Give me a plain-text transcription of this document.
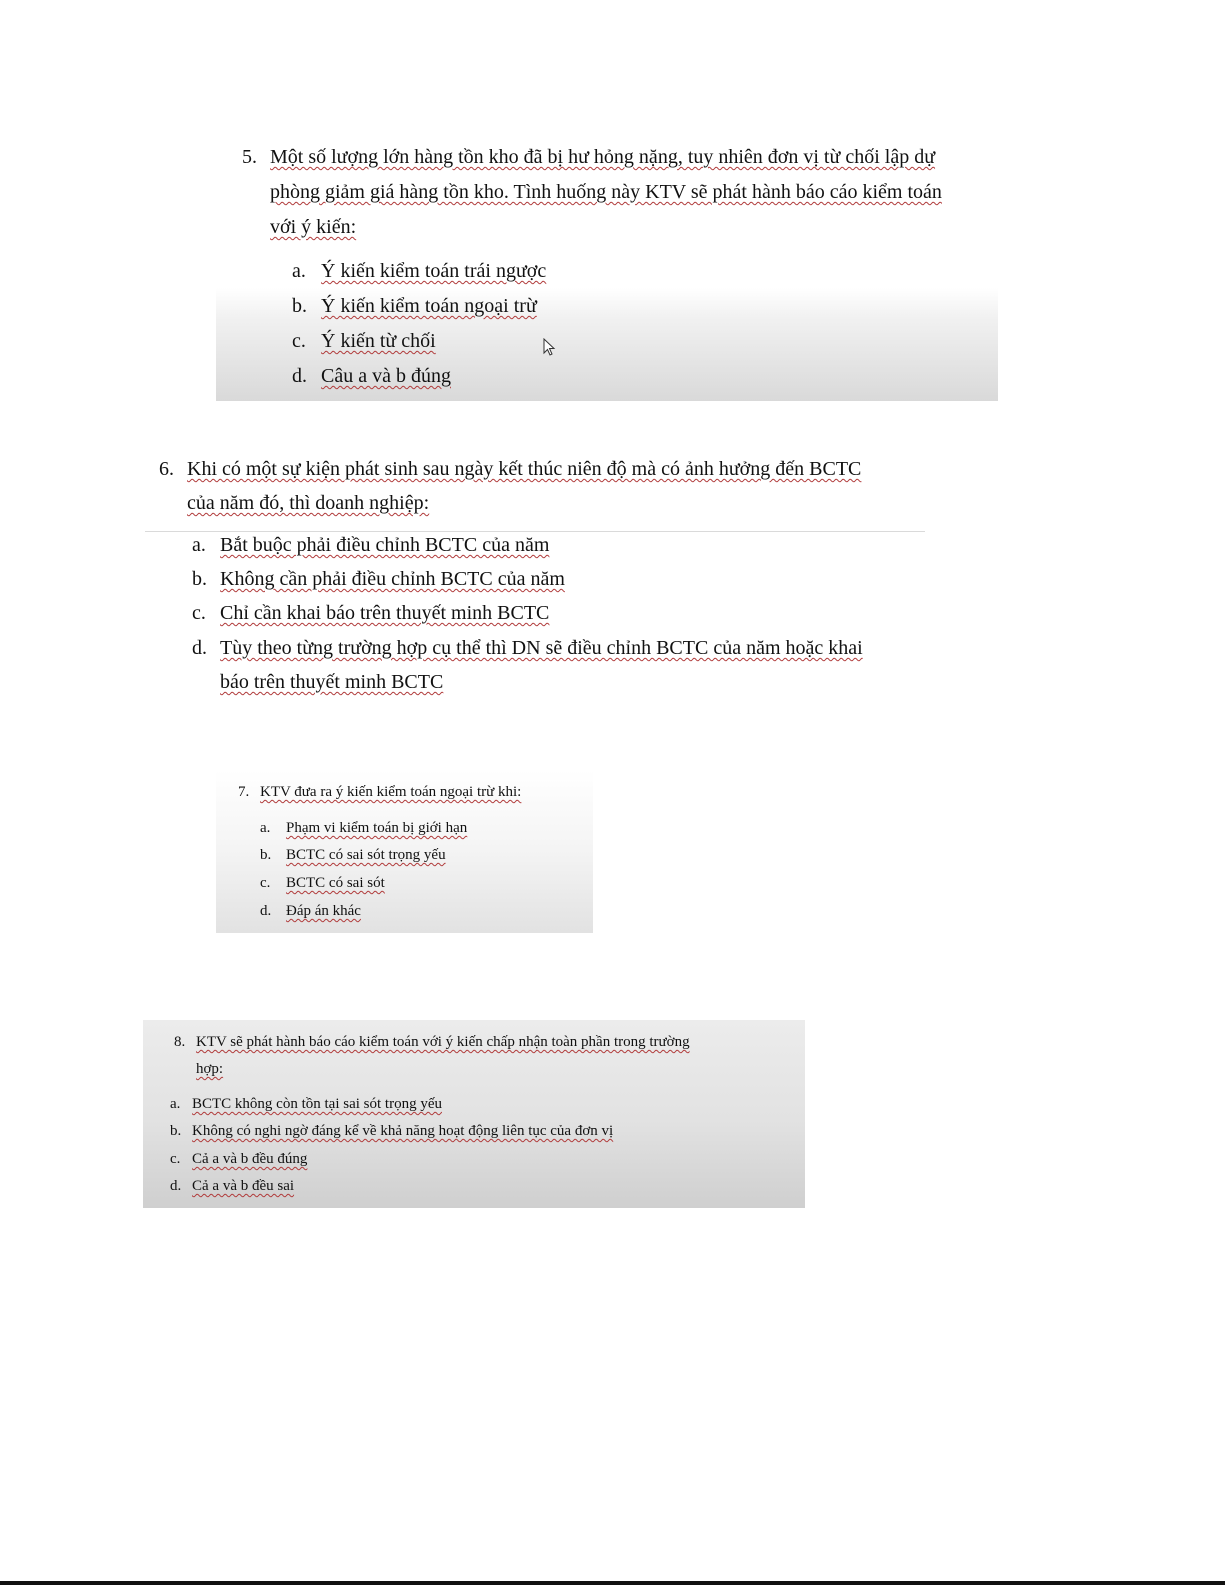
5. Một số lượng lớn hàng tồn kho đã bị hư hỏng nặng, tuy nhiên đơn vị từ chối lập dự
phòng giảm giá hàng tồn kho. Tình huống này KTV sẽ phát hành báo cáo kiểm toán
với ý kiến:
a. Ý kiến kiểm toán trái ngược
b. Ý kiến kiểm toán ngoại trừ
c. Ý kiến từ chối
d. Câu a và b đúng
6. Khi có một sự kiện phát sinh sau ngày kết thúc niên độ mà có ảnh hưởng đến BCTC
của năm đó, thì doanh nghiệp:
a. Bắt buộc phải điều chỉnh BCTC của năm
b. Không cần phải điều chỉnh BCTC của năm
c. Chỉ cần khai báo trên thuyết minh BCTC
d. Tùy theo từng trường hợp cụ thể thì DN sẽ điều chỉnh BCTC của năm hoặc khai
báo trên thuyết minh BCTC
7. KTV đưa ra ý kiến kiểm toán ngoại trừ khi:
a. Phạm vi kiểm toán bị giới hạn
b. BCTC có sai sót trọng yếu
c. BCTC có sai sót
d. Đáp án khác
8. KTV sẽ phát hành báo cáo kiểm toán với ý kiến chấp nhận toàn phần trong trường
hợp:
a. BCTC không còn tồn tại sai sót trọng yếu
b. Không có nghi ngờ đáng kể về khả năng hoạt động liên tục của đơn vị
c. Cả a và b đều đúng
d. Cả a và b đều sai
